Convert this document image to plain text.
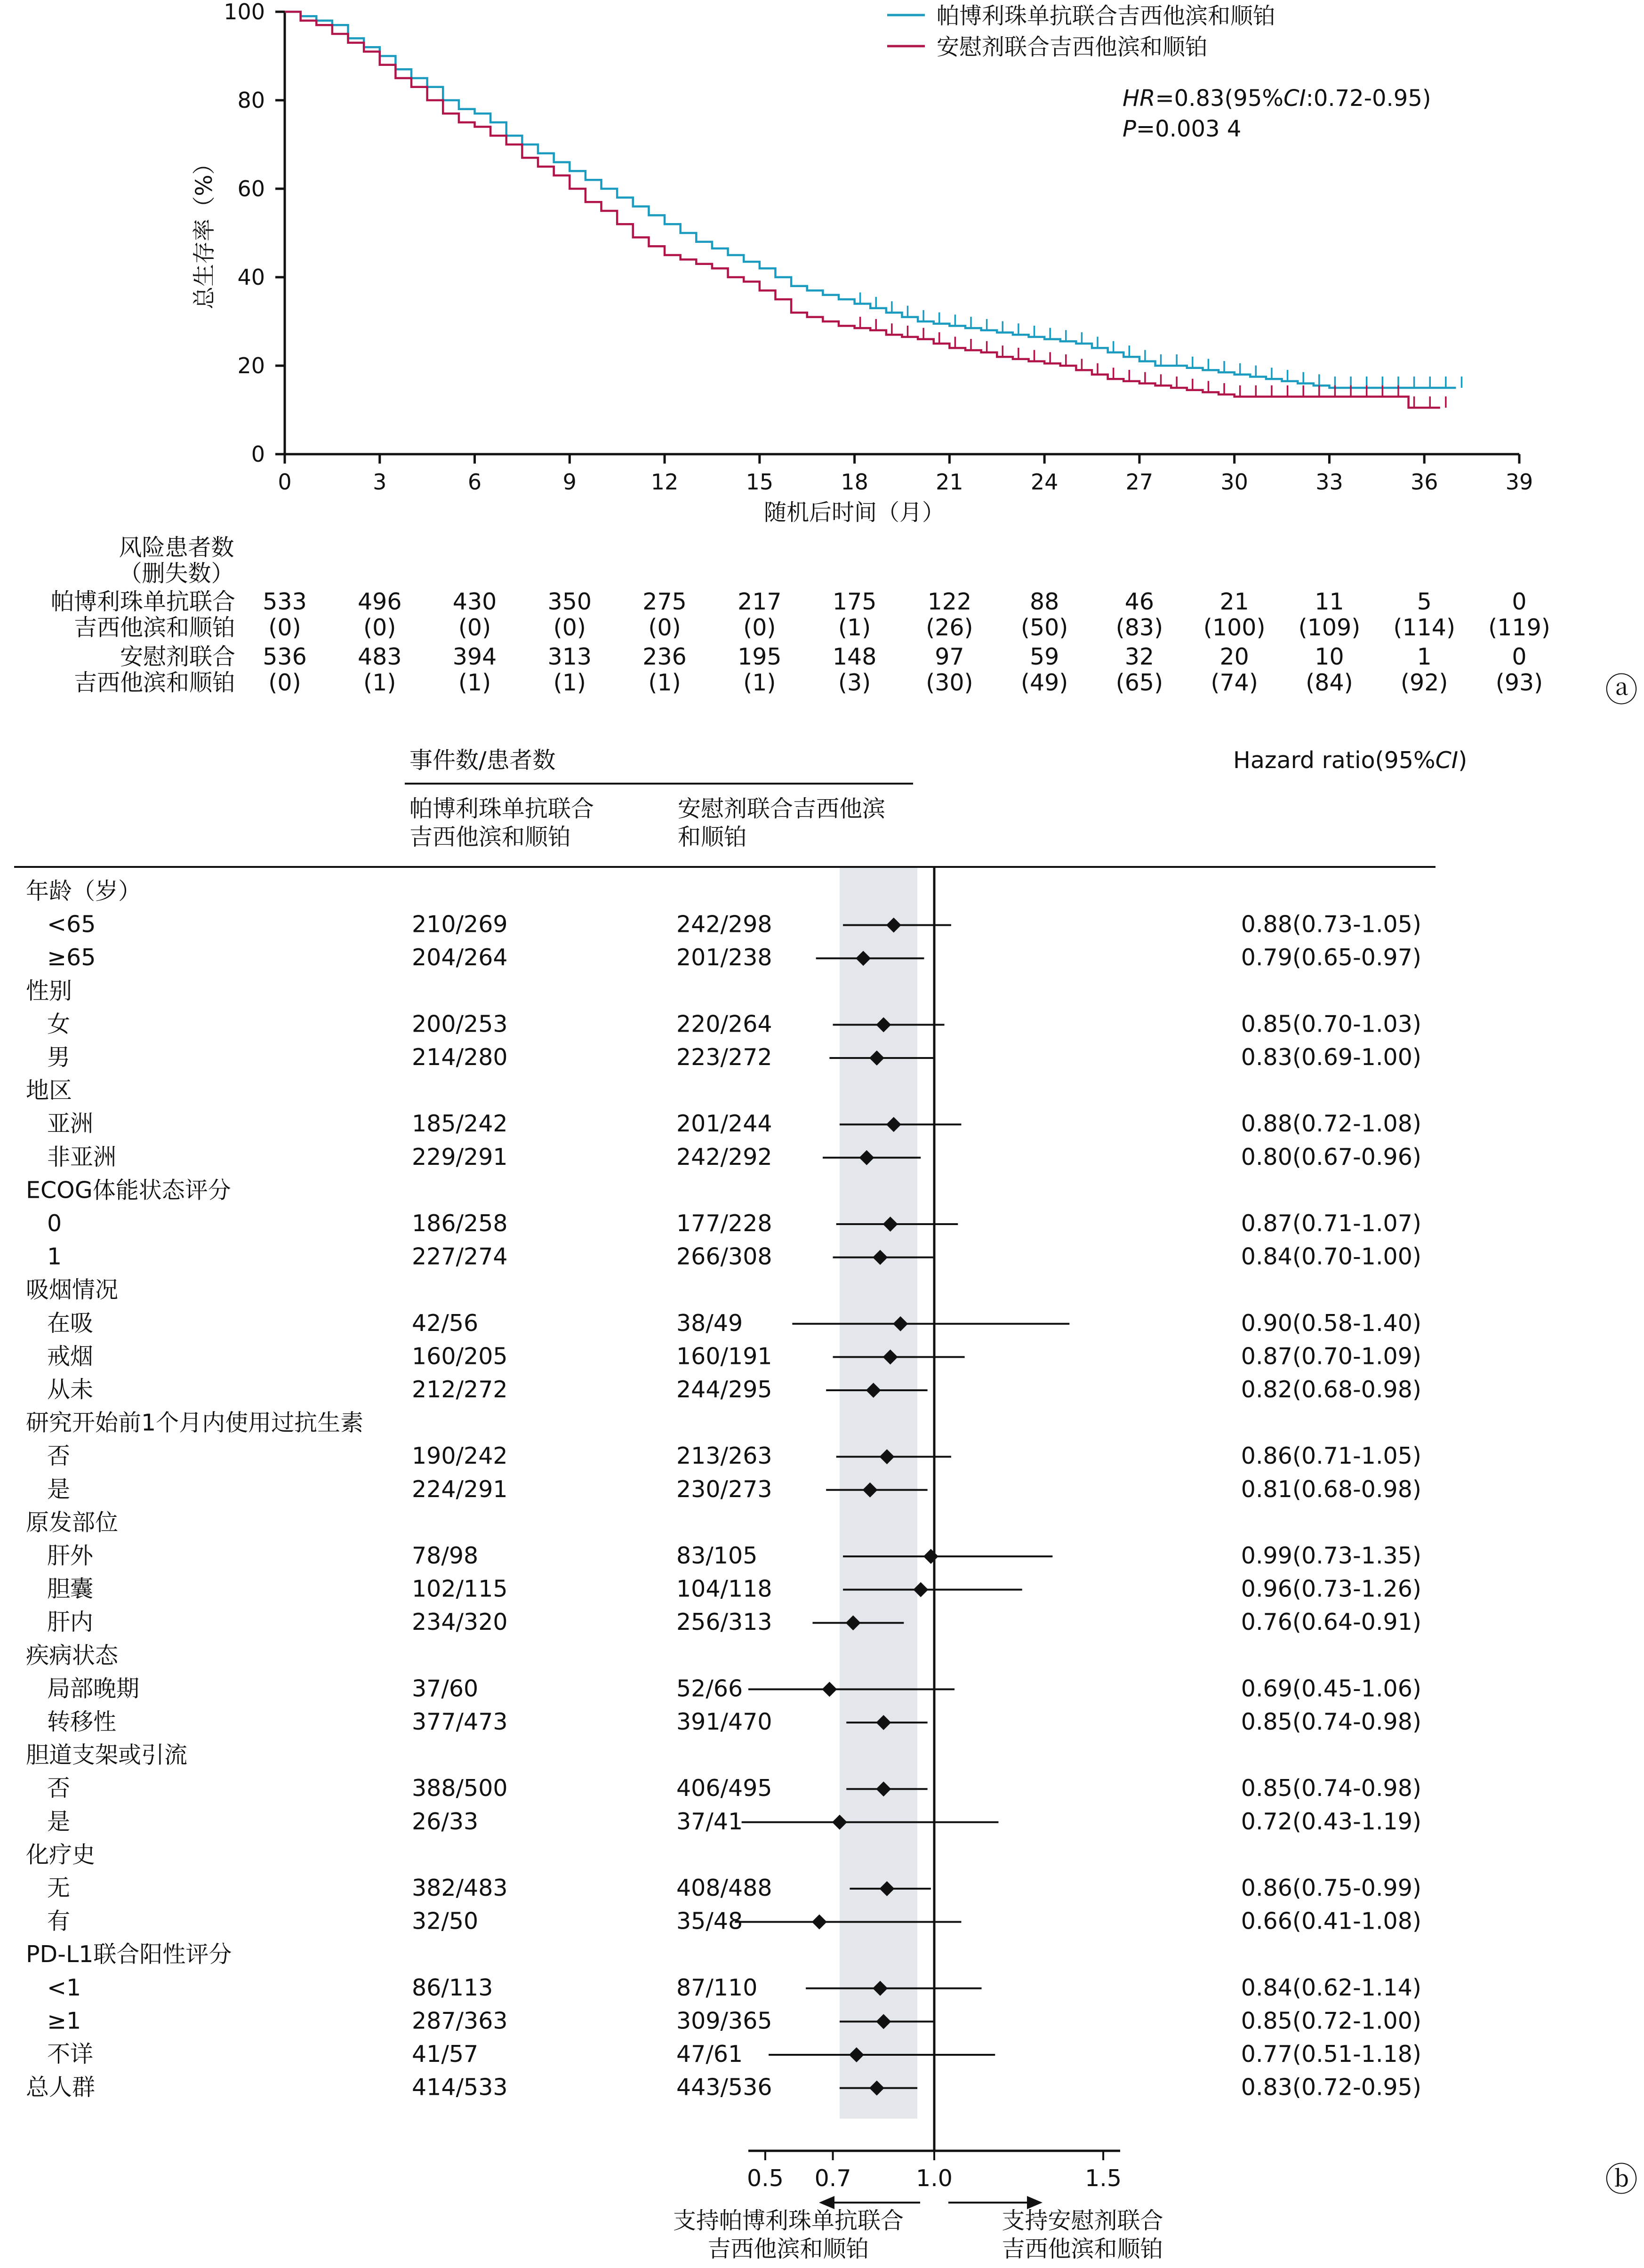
0
20
40
60
80
100
0	3	6	9	12	15	18	21	24	27	30	33	36	39
总生存率（%）
随机后时间（月）
帕博利珠单抗联合吉西他滨和顺铂
安慰剂联合吉西他滨和顺铂
HR=0.83(95%CI:0.72-0.95)
P=0.003 4
风险患者数
（删失数）
帕博利珠单抗联合 533 496 430 350 275 217 175 122	88	46	21	11	5	0
吉西他滨和顺铂 (0)	(0)	(0)	(0)	(0)	(0)	(1) (26) (50) (83) (100) (109) (114) (119)
安慰剂联合 536 483 394 313 236 195 148	97	59	32	20	10	1	0
吉西他滨和顺铂 (0)	(1)	(1)	(1)	(1)	(1)	(3) (30) (49) (65) (74) (84) (92) (93) ⓐ
0.5 0.7	1.0	1.5
事件数/患者数
帕博利珠单抗联合
吉西他滨和顺铂
安慰剂联合吉西他滨
和顺铂
Hazard ratio(95%CI)
年龄（岁）
<65	210/269	242/298	0.88(0.73-1.05)
≥65	204/264	201/238	0.79(0.65-0.97)
性别
女	200/253	220/264	0.85(0.70-1.03)
男	214/280	223/272	0.83(0.69-1.00)
地区
亚洲	185/242	201/244	0.88(0.72-1.08)
非亚洲	229/291	242/292	0.80(0.67-0.96)
ECOG体能状态评分
0	186/258	177/228	0.87(0.71-1.07)
1	227/274	266/308	0.84(0.70-1.00)
吸烟情况
在吸	42/56	38/49	0.90(0.58-1.40)
戒烟	160/205	160/191	0.87(0.70-1.09)
从未	212/272	244/295	0.82(0.68-0.98)
研究开始前1个月内使用过抗生素
否	190/242	213/263	0.86(0.71-1.05)
是	224/291	230/273	0.81(0.68-0.98)
原发部位
肝外	78/98	83/105	0.99(0.73-1.35)
胆囊	102/115	104/118	0.96(0.73-1.26)
肝内	234/320	256/313	0.76(0.64-0.91)
疾病状态
局部晚期	37/60	52/66	0.69(0.45-1.06)
转移性	377/473	391/470	0.85(0.74-0.98)
胆道支架或引流
否	388/500	406/495	0.85(0.74-0.98)
是	26/33	37/41	0.72(0.43-1.19)
化疗史
无	382/483	408/488	0.86(0.75-0.99)
有	32/50	35/48	0.66(0.41-1.08)
PD-L1联合阳性评分
<1	86/113	87/110	0.84(0.62-1.14)
≥1	287/363	309/365	0.85(0.72-1.00)
不详	41/57	47/61	0.77(0.51-1.18)
总人群	414/533	443/536	0.83(0.72-0.95)
支持帕博利珠单抗联合
吉西他滨和顺铂
支持安慰剂联合
吉西他滨和顺铂
ⓑ
